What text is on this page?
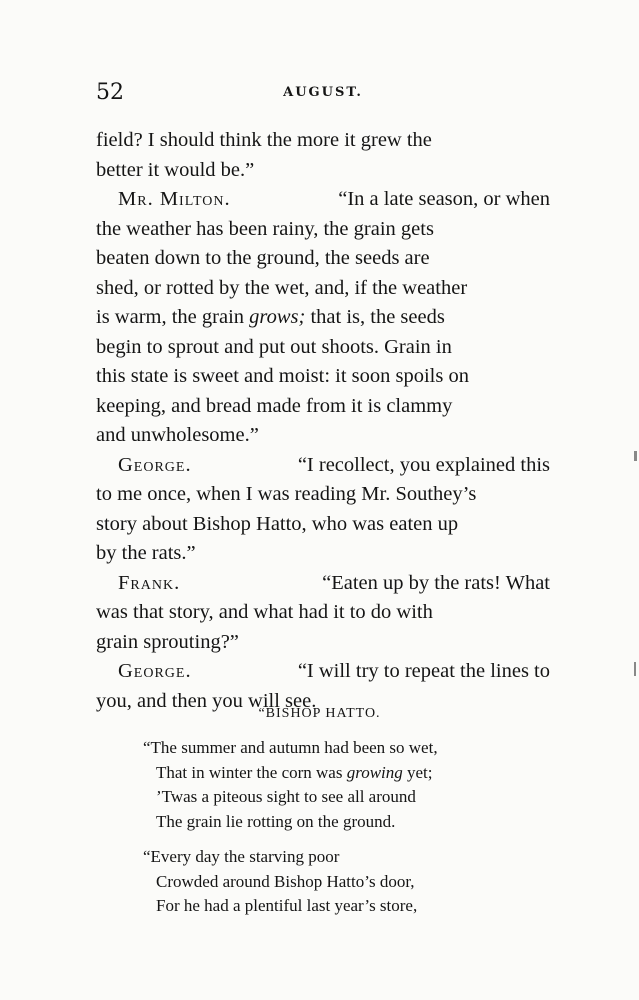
52	AUGUST.
field? I should think the more it grew the
better it would be.”
Mr. Milton.	“In a late season, or when
the weather has been rainy, the grain gets
beaten down to the ground, the seeds are
shed, or rotted by the wet, and, if the weather
is warm, the grain grows; that is, the seeds
begin to sprout and put out shoots. Grain in
this state is sweet and moist: it soon spoils on
keeping, and bread made from it is clammy
and unwholesome.”
George.	“I recollect, you explained this
to me once, when I was reading Mr. Southey’s
story about Bishop Hatto, who was eaten up
by the rats.”
Frank.	“Eaten up by the rats! What
was that story, and what had it to do with
grain sprouting?”
George.	“I will try to repeat the lines to
you, and then you will see.
“BISHOP HATTO.
“The summer and autumn had been so wet,
That in winter the corn was growing yet;
’Twas a piteous sight to see all around
The grain lie rotting on the ground.
“Every day the starving poor
Crowded around Bishop Hatto’s door,
For he had a plentiful last year’s store,
